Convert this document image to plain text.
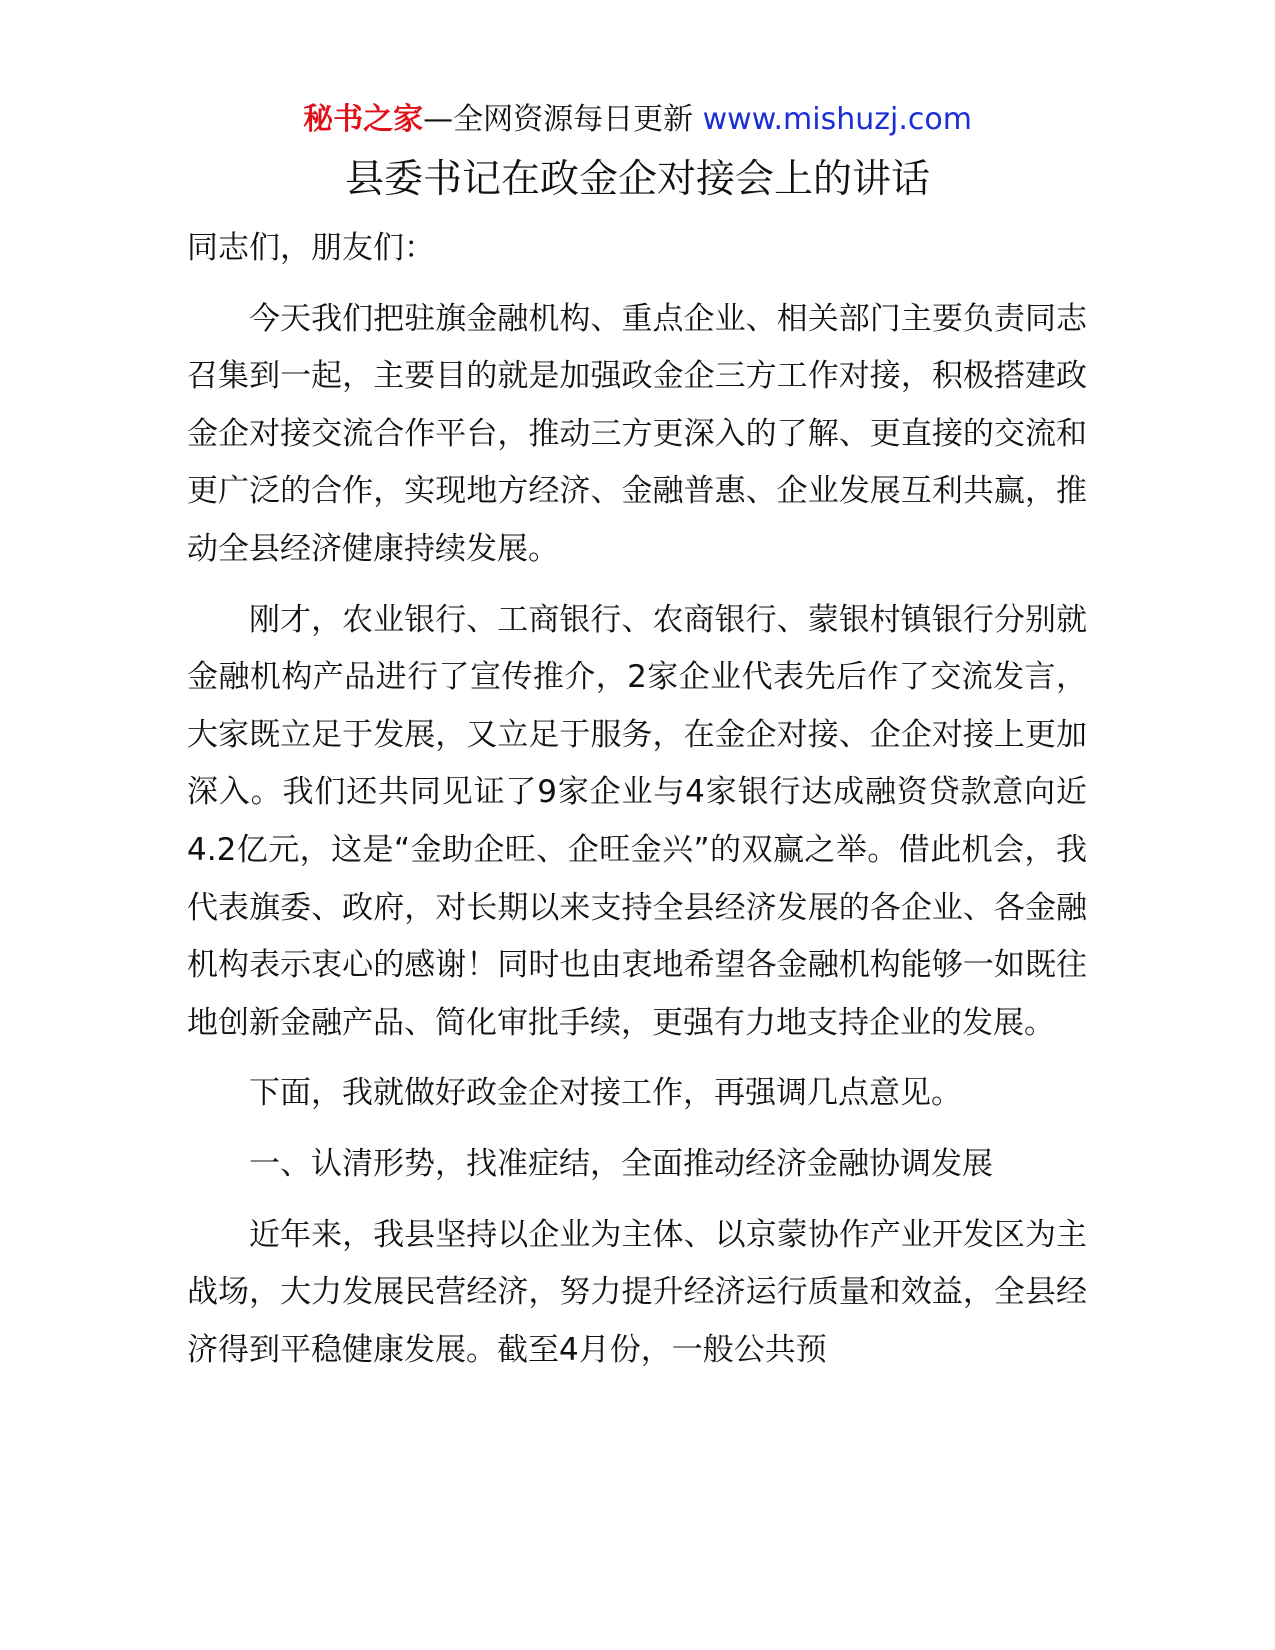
秘书之家—全网资源每日更新 www.mishuzj.com
县委书记在政金企对接会上的讲话

同志们，朋友们：

今天我们把驻旗金融机构、重点企业、相关部门主要负责同志召集到一起，主要目的就是加强政金企三方工作对接，积极搭建政金企对接交流合作平台，推动三方更深入的了解、更直接的交流和更广泛的合作，实现地方经济、金融普惠、企业发展互利共赢，推动全县经济健康持续发展。

刚才，农业银行、工商银行、农商银行、蒙银村镇银行分别就金融机构产品进行了宣传推介，2家企业代表先后作了交流发言，大家既立足于发展，又立足于服务，在金企对接、企企对接上更加深入。我们还共同见证了9家企业与4家银行达成融资贷款意向近4.2亿元，这是“金助企旺、企旺金兴”的双赢之举。借此机会，我代表旗委、政府，对长期以来支持全县经济发展的各企业、各金融机构表示衷心的感谢！同时也由衷地希望各金融机构能够一如既往地创新金融产品、简化审批手续，更强有力地支持企业的发展。

下面，我就做好政金企对接工作，再强调几点意见。

一、认清形势，找准症结，全面推动经济金融协调发展

近年来，我县坚持以企业为主体、以京蒙协作产业开发区为主战场，大力发展民营经济，努力提升经济运行质量和效益，全县经济得到平稳健康发展。截至4月份，一般公共预
